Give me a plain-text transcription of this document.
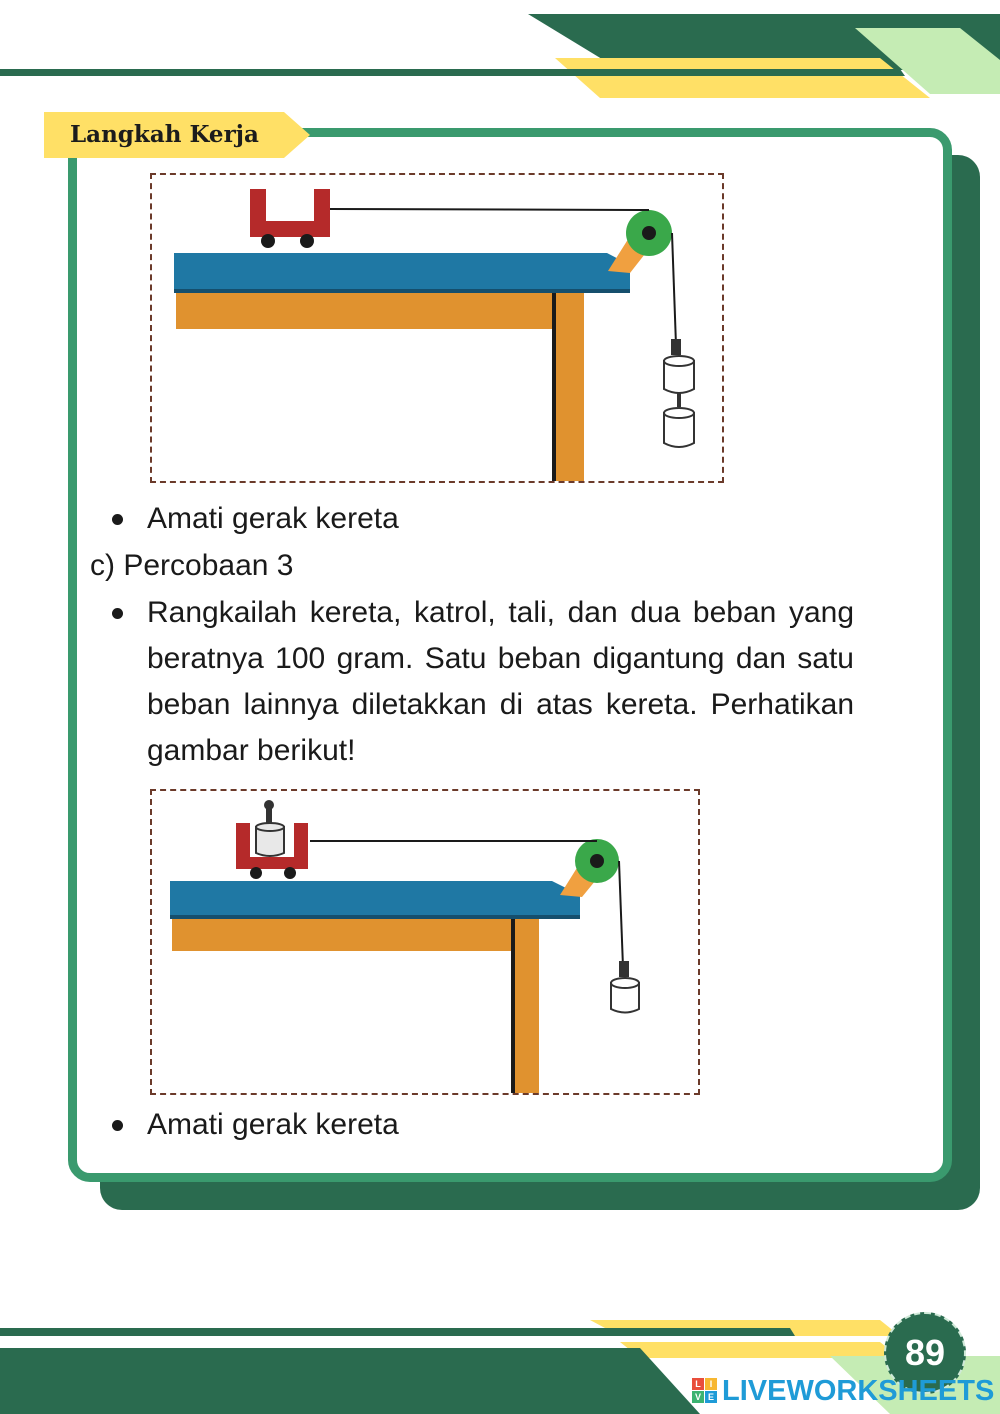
Langkah Kerja
Amati gerak kereta
c) Percobaan 3
Rangkailah kereta, katrol, tali, dan dua beban yang beratnya 100 gram. Satu beban digantung dan satu beban lainnya diletakkan di atas kereta. Perhatikan gambar berikut!
Amati gerak kereta
89
L I
V E LIVEWORKSHEETS
